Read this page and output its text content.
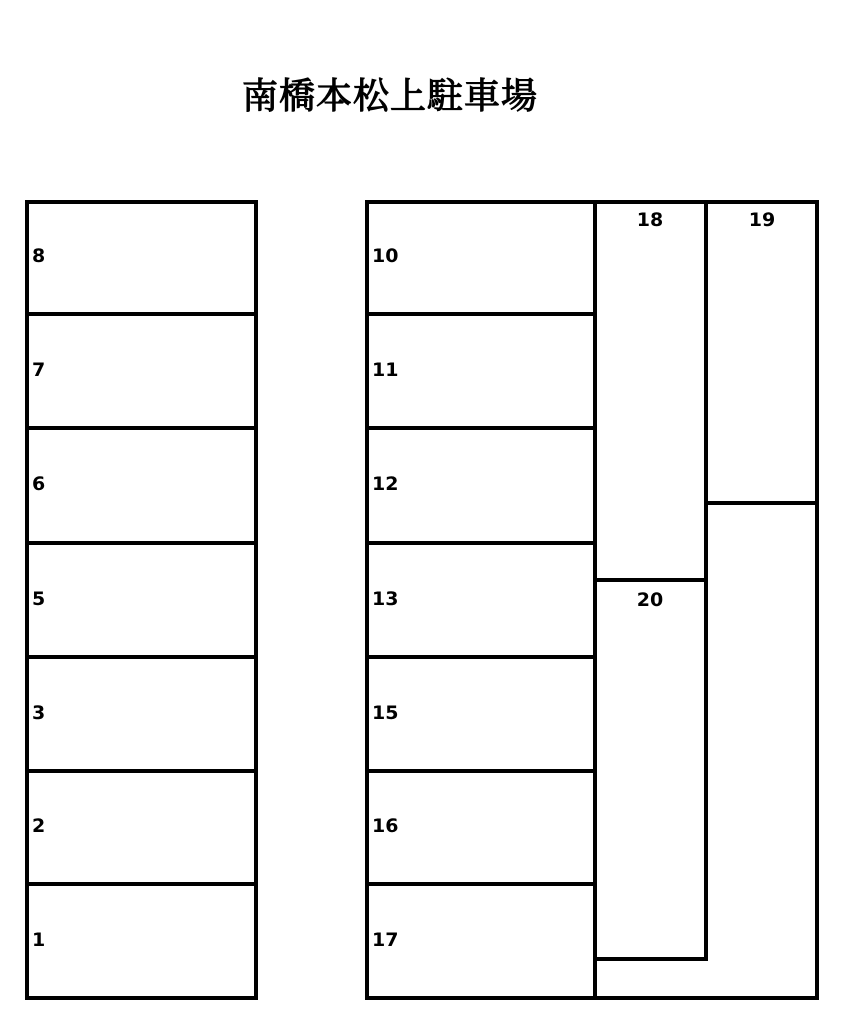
南橋本松上駐車場
8
7
6
5
3
2
1
10
11
12
13
15
16
17
18	19
20
